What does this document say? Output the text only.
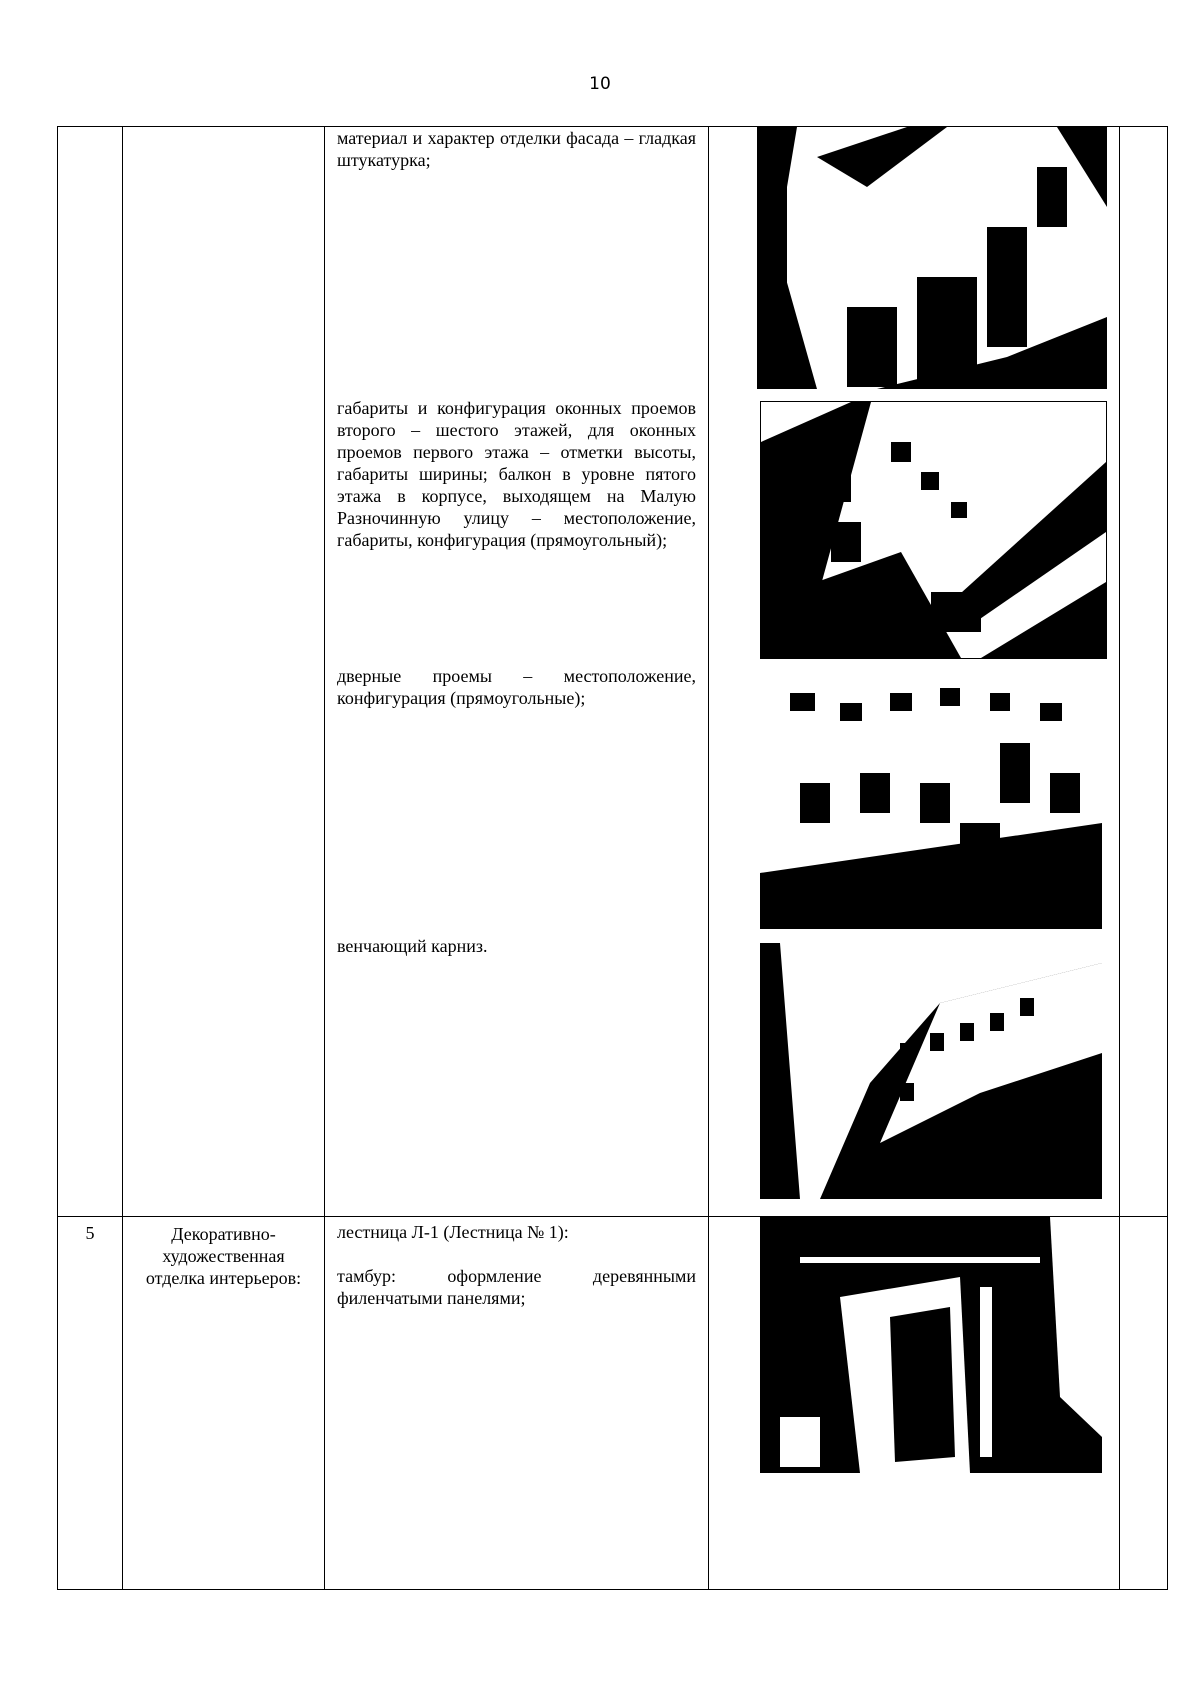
10

		материал и характер отделки фасада – гладкая штукатурка;

габариты и конфигурация оконных проемов второго – шестого этажей, для оконных проемов первого этажа – отметки высоты, габариты ширины; балкон в уровне пятого этажа в корпусе, выходящем на Малую Разночинную улицу – местоположение, габариты, конфигурация (прямоугольный);

дверные проемы – местоположение, конфигурация (прямоугольные);

венчающий карниз.

5	Декоративно-художественная отделка интерьеров:	лестница Л-1 (Лестница № 1):

тамбур: оформление деревянными филенчатыми панелями;
